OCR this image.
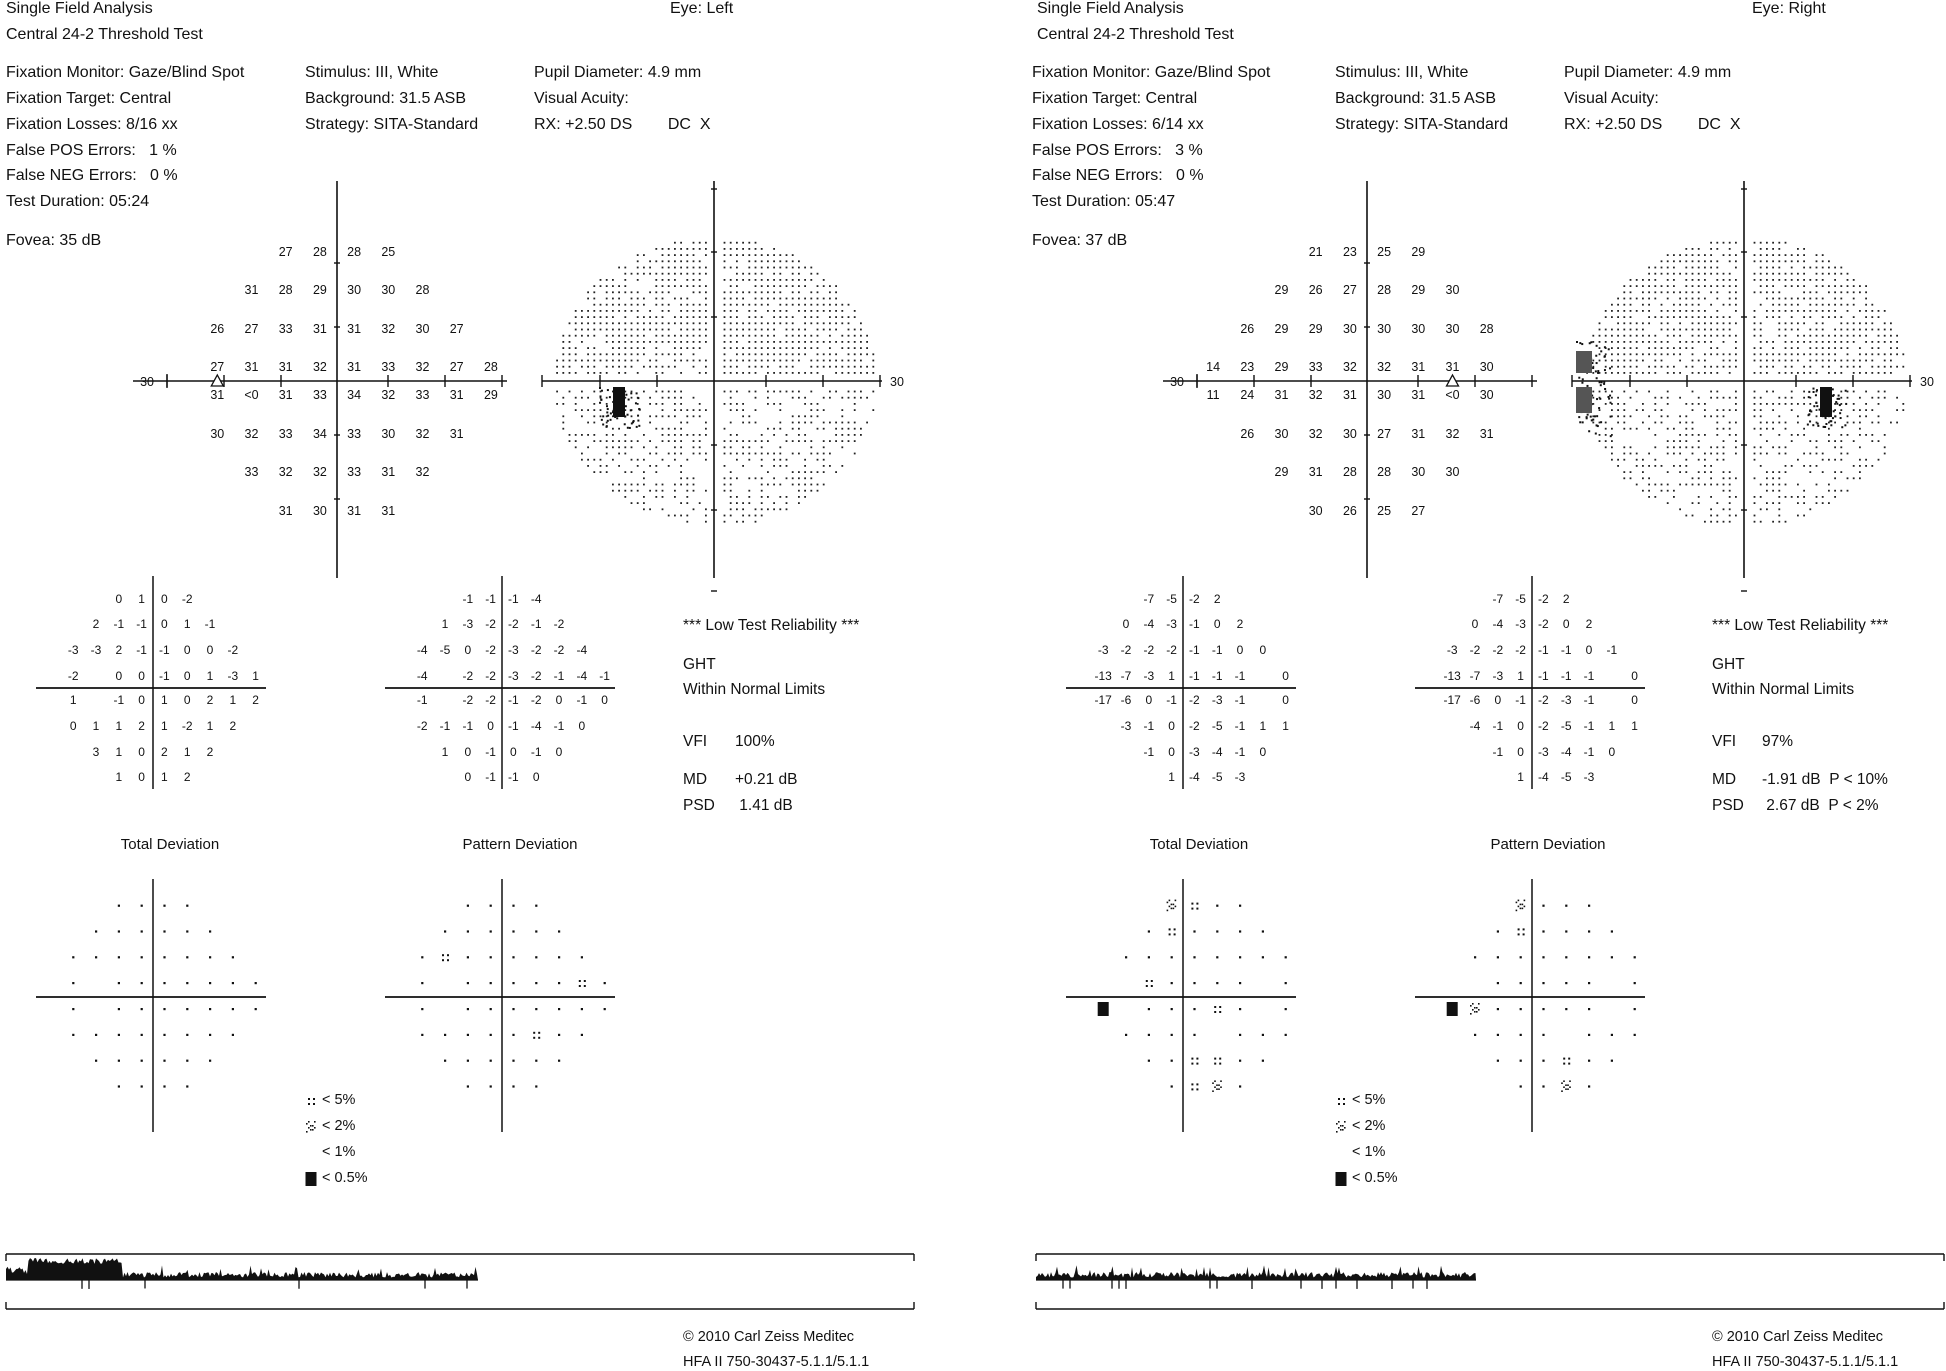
Single Field Analysis
Central 24-2 Threshold Test
Eye: Left
Fixation Monitor: Gaze/Blind Spot
Fixation Target: Central
Fixation Losses: 8/16 xx
False POS Errors:   1 %
False NEG Errors:   0 %
Test Duration: 05:24
Fovea: 35 dB
Stimulus: III, White
Background: 31.5 ASB
Strategy: SITA-Standard
Pupil Diameter: 4.9 mm
Visual Acuity:
RX: +2.50 DS        DC  X
Total Deviation	Pattern Deviation
*** Low Test Reliability ***
GHT
Within Normal Limits
VFI 100%
MD +0.21 dB
PSD 1.41 dB
< 5%
< 2%
< 1%
< 0.5%
© 2010 Carl Zeiss Meditec
HFA II 750-30437-5.1.1/5.1.1
30	30
27 28 28 25
31 28 29 30 30 28
26 27 33 31 31 32 30 27
27 31 31 32 31 33 32 27 28
31 <0 31 33 34 32 33 31 29
30 32 33 34 33 30 32 31
33 32 32 33 31 32
31 30 31 31
0 1 0 -2
2 -1 -1 0 1 -1
-3 -3 2 -1 -1 0 0 -2
-2	0 0 -1 0 1 -3 1
1	-1 0 1 0 2 1 2
0 1 1 2 1 -2 1 2
3 1 0 2 1 2
1 0 1 2
-1 -1 -1 -4
1 -3 -2 -2 -1 -2
-4 -5 0 -2 -3 -2 -2 -4
-4	-2 -2 -3 -2 -1 -4 -1
-1	-2 -2 -1 -2 0 -1 0
-2 -1 -1 0 -1 -4 -1 0
1 0 -1 0 -1 0
0 -1 -1 0
Single Field Analysis
Central 24-2 Threshold Test
Eye: Right
Fixation Monitor: Gaze/Blind Spot
Fixation Target: Central
Fixation Losses: 6/14 xx
False POS Errors:   3 %
False NEG Errors:   0 %
Test Duration: 05:47
Fovea: 37 dB
Stimulus: III, White
Background: 31.5 ASB
Strategy: SITA-Standard
Pupil Diameter: 4.9 mm
Visual Acuity:
RX: +2.50 DS        DC  X
Total Deviation	Pattern Deviation
*** Low Test Reliability ***
GHT
Within Normal Limits
VFI 97%
MD -1.91 dB  P < 10%
PSD 2.67 dB  P < 2%
< 5%
< 2%
< 1%
< 0.5%
© 2010 Carl Zeiss Meditec
HFA II 750-30437-5.1.1/5.1.1
30	30
21 23 25 29
29 26 27 28 29 30
26 29 29 30 30 30 30 28
14 23 29 33 32 32 31 31 30
11 24 31 32 31 30 31 <0 30
26 30 32 30 27 31 32 31
29 31 28 28 30 30
30 26 25 27
-7 -5 -2 2
0 -4 -3 -1 0 2
-3 -2 -2 -2 -1 -1 0 0
-13 -7 -3 1 -1 -1 -1	0
-17 -6 0 -1 -2 -3 -1	0
-3 -1 0 -2 -5 -1 1 1
-1 0 -3 -4 -1 0
1 -4 -5 -3
-7 -5 -2 2
0 -4 -3 -2 0 2
-3 -2 -2 -2 -1 -1 0 -1
-13 -7 -3 1 -1 -1 -1	0
-17 -6 0 -1 -2 -3 -1	0
-4 -1 0 -2 -5 -1 1 1
-1 0 -3 -4 -1 0
1 -4 -5 -3
